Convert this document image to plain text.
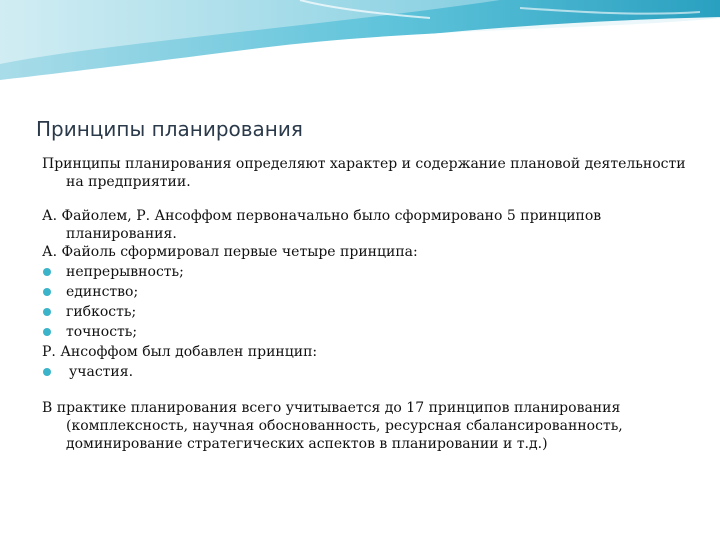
Принципы планирования

Принципы планирования определяют характер и содержание плановой деятельности на предприятии.

А. Файолем, Р. Ансоффом первоначально было сформировано 5 принципов планирования.

А. Файоль сформировал первые четыре принципа:

непрерывность;
единство;
гибкость;
точность;

Р. Ансоффом был добавлен принцип:

участия.

В практике планирования всего учитывается до 17 принципов планирования (комплексность, научная обоснованность, ресурсная сбалансированность, доминирование стратегических аспектов в планировании и т.д.)
